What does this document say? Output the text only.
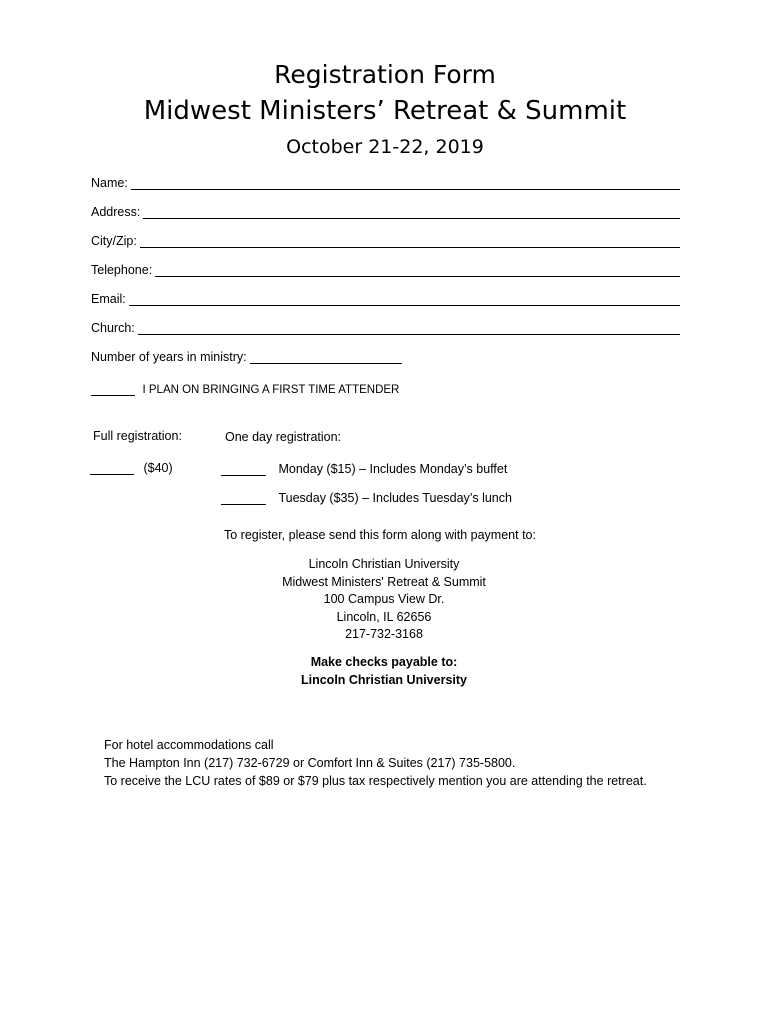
Registration Form
Midwest Ministers’ Retreat & Summit
October 21-22, 2019
Name:
Address:
City/Zip:
Telephone:
Email:
Church:
Number of years in ministry:
I PLAN ON BRINGING A FIRST TIME ATTENDER
Full registration:	One day registration:
($40)	Monday ($15) – Includes Monday’s buffet
Tuesday ($35) – Includes Tuesday’s lunch
To register, please send this form along with payment to:
Lincoln Christian University
Midwest Ministers' Retreat & Summit
100 Campus View Dr.
Lincoln, IL 62656
217-732-3168
Make checks payable to:
Lincoln Christian University
For hotel accommodations call
The Hampton Inn (217) 732-6729 or Comfort Inn & Suites (217) 735-5800.
To receive the LCU rates of $89 or $79 plus tax respectively mention you are attending the retreat.
